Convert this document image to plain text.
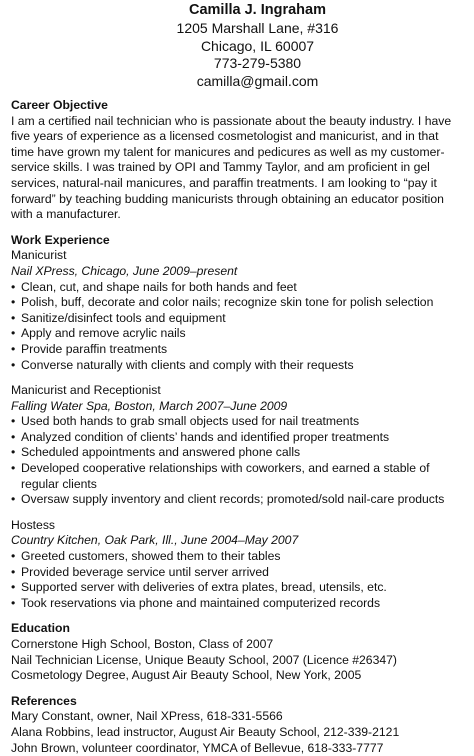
Camilla J. Ingraham
1205 Marshall Lane, #316
Chicago, IL 60007
773-279-5380
camilla@gmail.com
Career Objective

I am a certified nail technician who is passionate about the beauty industry. I have five years of experience as a licensed cosmetologist and manicurist, and in that time have grown my talent for manicures and pedicures as well as my customer-service skills. I was trained by OPI and Tammy Taylor, and am proficient in gel services, natural-nail manicures, and paraffin treatments. I am looking to “pay it forward” by teaching budding manicurists through obtaining an educator position with a manufacturer.

Work Experience
Manicurist
Nail XPress, Chicago, June 2009–present
• Clean, cut, and shape nails for both hands and feet
• Polish, buff, decorate and color nails; recognize skin tone for polish selection
• Sanitize/disinfect tools and equipment
• Apply and remove acrylic nails
• Provide paraffin treatments
• Converse naturally with clients and comply with their requests
Manicurist and Receptionist
Falling Water Spa, Boston, March 2007–June 2009
• Used both hands to grab small objects used for nail treatments
• Analyzed condition of clients’ hands and identified proper treatments
• Scheduled appointments and answered phone calls
• Developed cooperative relationships with coworkers, and earned a stable of regular clients
• Oversaw supply inventory and client records; promoted/sold nail-care products
Hostess
Country Kitchen, Oak Park, Ill., June 2004–May 2007
• Greeted customers, showed them to their tables
• Provided beverage service until server arrived
• Supported server with deliveries of extra plates, bread, utensils, etc.
• Took reservations via phone and maintained computerized records
Education
Cornerstone High School, Boston, Class of 2007
Nail Technician License, Unique Beauty School, 2007 (Licence #26347)
Cosmetology Degree, August Air Beauty School, New York, 2005
References
Mary Constant, owner, Nail XPress, 618-331-5566
Alana Robbins, lead instructor, August Air Beauty School, 212-339-2121
John Brown, volunteer coordinator, YMCA of Bellevue, 618-333-7777
